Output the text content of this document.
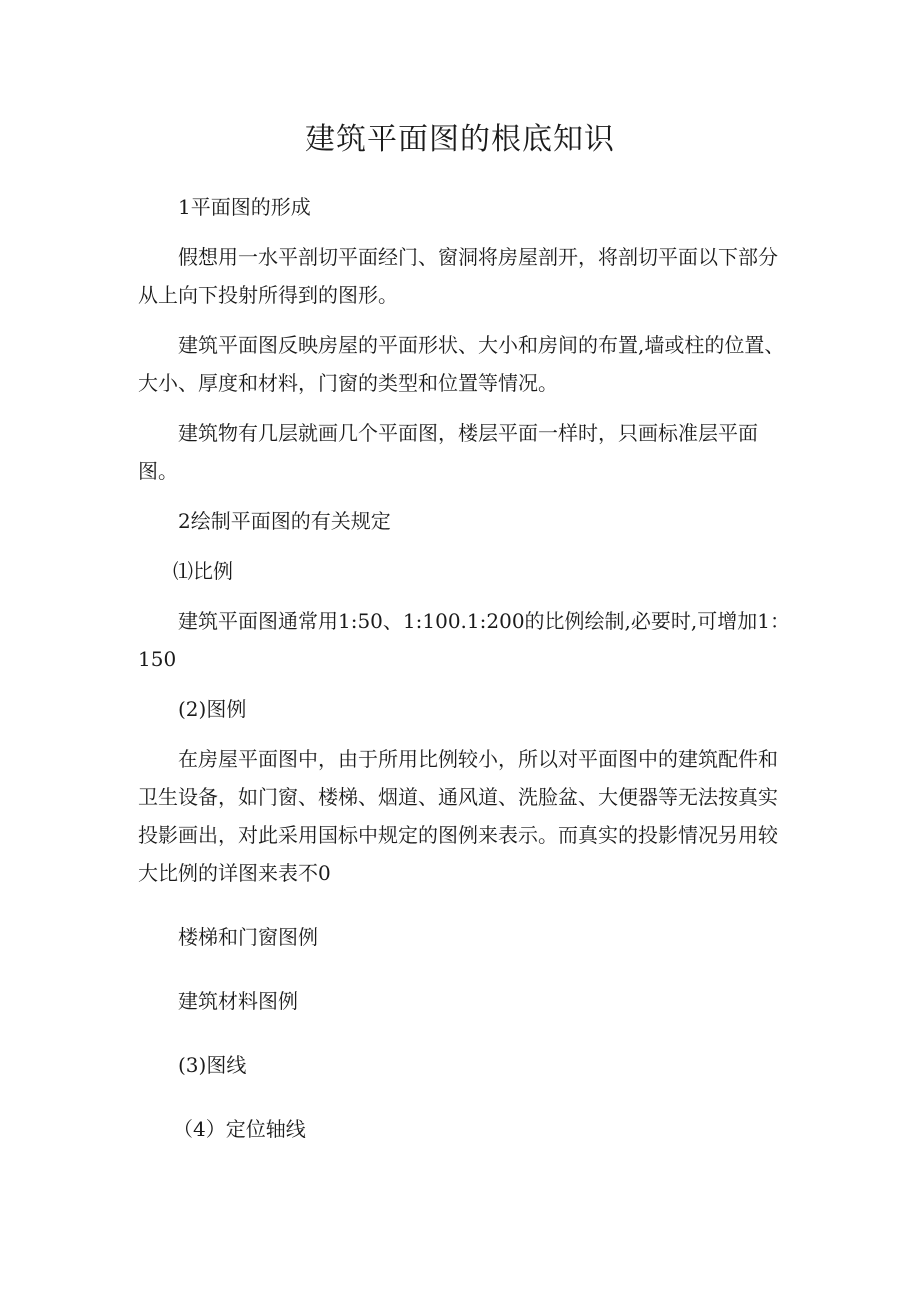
建筑平面图的根底知识

1平面图的形成

假想用一水平剖切平面经门、窗洞将房屋剖开，将剖切平面以下部分从上向下投射所得到的图形。

建筑平面图反映房屋的平面形状、大小和房间的布置,墙或柱的位置、大小、厚度和材料，门窗的类型和位置等情况。

建筑物有几层就画几个平面图，楼层平面一样时，只画标准层平面图。

2绘制平面图的有关规定

⑴比例

建筑平面图通常用1:50、1:100.1:200的比例绘制,必要时,可增加1：150

(2)图例

在房屋平面图中，由于所用比例较小，所以对平面图中的建筑配件和卫生设备，如门窗、楼梯、烟道、通风道、洗脸盆、大便器等无法按真实投影画出，对此采用国标中规定的图例来表示。而真实的投影情况另用较大比例的详图来表不0

楼梯和门窗图例

建筑材料图例

(3)图线

（4）定位轴线
